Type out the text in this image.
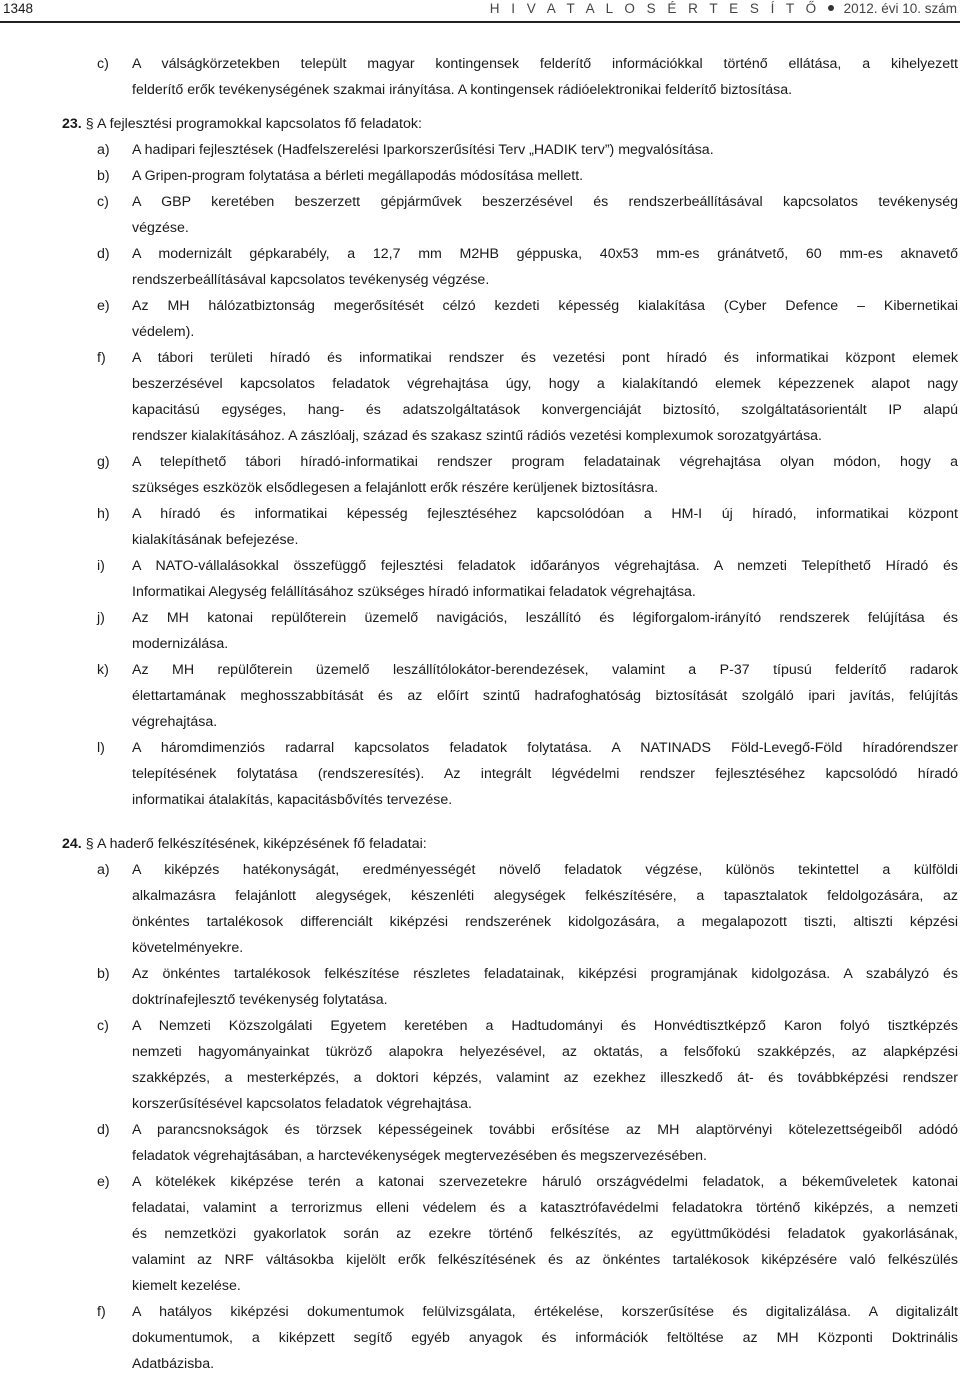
1348	H I V A T A L O S É R T E S Í T Ő 2012. évi 10. szám
c)	A válságkörzetekben települt magyar kontingensek felderítő információkkal történő ellátása, a kihelyezett
felderítő erők tevékenységének szakmai irányítása. A kontingensek rádióelektronikai felderítő biztosítása.
23. § A fejlesztési programokkal kapcsolatos fő feladatok:
a)	A hadipari fejlesztések (Hadfelszerelési Iparkorszerűsítési Terv „HADIK terv”) megvalósítása.
b)	A Gripen-program folytatása a bérleti megállapodás módosítása mellett.
c)	A GBP keretében beszerzett gépjárművek beszerzésével és rendszerbeállításával kapcsolatos tevékenység
végzése.
d)	A modernizált gépkarabély, a 12,7 mm M2HB géppuska, 40x53 mm-es gránátvető, 60 mm-es aknavető
rendszerbeállításával kapcsolatos tevékenység végzése.
e)	Az MH hálózatbiztonság megerősítését célzó kezdeti képesség kialakítása (Cyber Defence – Kibernetikai
védelem).
f)	A tábori területi híradó és informatikai rendszer és vezetési pont híradó és informatikai központ elemek
beszerzésével kapcsolatos feladatok végrehajtása úgy, hogy a kialakítandó elemek képezzenek alapot nagy
kapacitású egységes, hang- és adatszolgáltatások konvergenciáját biztosító, szolgáltatásorientált IP alapú
rendszer kialakításához. A zászlóalj, század és szakasz szintű rádiós vezetési komplexumok sorozatgyártása.
g)	A telepíthető tábori híradó-informatikai rendszer program feladatainak végrehajtása olyan módon, hogy a
szükséges eszközök elsődlegesen a felajánlott erők részére kerüljenek biztosításra.
h)	A híradó és informatikai képesség fejlesztéséhez kapcsolódóan a HM-I új híradó, informatikai központ
kialakításának befejezése.
i)	A NATO-vállalásokkal összefüggő fejlesztési feladatok időarányos végrehajtása. A nemzeti Telepíthető Híradó és
Informatikai Alegység felállításához szükséges híradó informatikai feladatok végrehajtása.
j)	Az MH katonai repülőterein üzemelő navigációs, leszállító és légiforgalom-irányító rendszerek felújítása és
modernizálása.
k)	Az MH repülőterein üzemelő leszállítólokátor-berendezések, valamint a P-37 típusú felderítő radarok
élettartamának meghosszabbítását és az előírt szintű hadrafoghatóság biztosítását szolgáló ipari javítás, felújítás
végrehajtása.
l)	A háromdimenziós radarral kapcsolatos feladatok folytatása. A NATINADS Föld-Levegő-Föld híradórendszer
telepítésének folytatása (rendszeresítés). Az integrált légvédelmi rendszer fejlesztéséhez kapcsolódó híradó
informatikai átalakítás, kapacitásbővítés tervezése.
24. § A haderő felkészítésének, kiképzésének fő feladatai:
a)	A kiképzés hatékonyságát, eredményességét növelő feladatok végzése, különös tekintettel a külföldi
alkalmazásra felajánlott alegységek, készenléti alegységek felkészítésére, a tapasztalatok feldolgozására, az
önkéntes tartalékosok differenciált kiképzési rendszerének kidolgozására, a megalapozott tiszti, altiszti képzési
követelményekre.
b)	Az önkéntes tartalékosok felkészítése részletes feladatainak, kiképzési programjának kidolgozása. A szabályzó és
doktrínafejlesztő tevékenység folytatása.
c)	A Nemzeti Közszolgálati Egyetem keretében a Hadtudományi és Honvédtisztképző Karon folyó tisztképzés
nemzeti hagyományainkat tükröző alapokra helyezésével, az oktatás, a felsőfokú szakképzés, az alapképzési
szakképzés, a mesterképzés, a doktori képzés, valamint az ezekhez illeszkedő át- és továbbképzési rendszer
korszerűsítésével kapcsolatos feladatok végrehajtása.
d)	A parancsnokságok és törzsek képességeinek további erősítése az MH alaptörvényi kötelezettségeiből adódó
feladatok végrehajtásában, a harctevékenységek megtervezésében és megszervezésében.
e)	A kötelékek kiképzése terén a katonai szervezetekre háruló országvédelmi feladatok, a békeműveletek katonai
feladatai, valamint a terrorizmus elleni védelem és a katasztrófavédelmi feladatokra történő kiképzés, a nemzeti
és nemzetközi gyakorlatok során az ezekre történő felkészítés, az együttműködési feladatok gyakorlásának,
valamint az NRF váltásokba kijelölt erők felkészítésének és az önkéntes tartalékosok kiképzésére való felkészülés
kiemelt kezelése.
f)	A hatályos kiképzési dokumentumok felülvizsgálata, értékelése, korszerűsítése és digitalizálása. A digitalizált
dokumentumok, a kiképzett segítő egyéb anyagok és információk feltöltése az MH Központi Doktrinális
Adatbázisba.
